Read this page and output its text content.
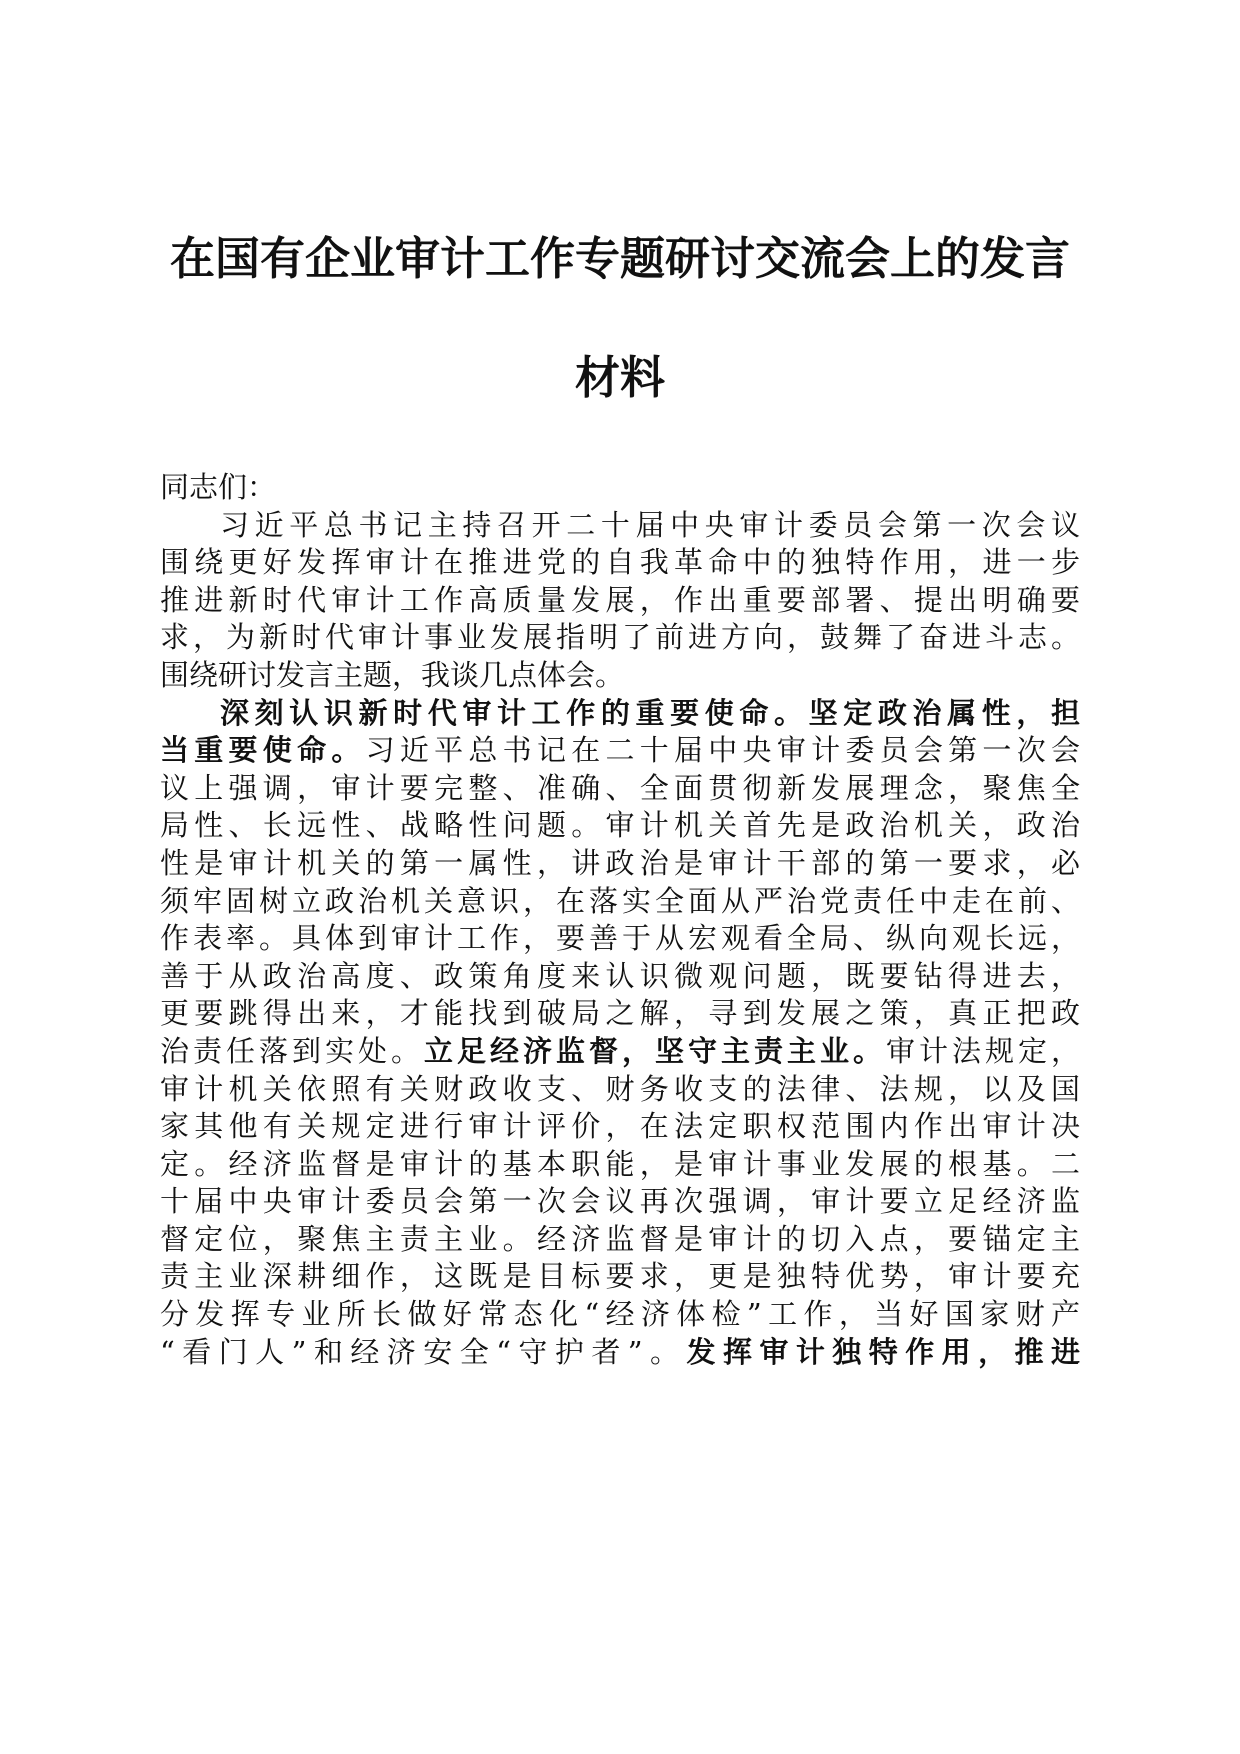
在国有企业审计工作专题研讨交流会上的发言
材料
同志们：
习近平总书记主持召开二十届中央审计委员会第一次会议
围绕更好发挥审计在推进党的自我革命中的独特作用，进一步
推进新时代审计工作高质量发展，作出重要部署、提出明确要
求，为新时代审计事业发展指明了前进方向，鼓舞了奋进斗志。
围绕研讨发言主题，我谈几点体会。
深刻认识新时代审计工作的重要使命。坚定政治属性，担
当重要使命。习近平总书记在二十届中央审计委员会第一次会
议上强调，审计要完整、准确、全面贯彻新发展理念，聚焦全
局性、长远性、战略性问题。审计机关首先是政治机关，政治
性是审计机关的第一属性，讲政治是审计干部的第一要求，必
须牢固树立政治机关意识，在落实全面从严治党责任中走在前、
作表率。具体到审计工作，要善于从宏观看全局、纵向观长远，
善于从政治高度、政策角度来认识微观问题，既要钻得进去，
更要跳得出来，才能找到破局之解，寻到发展之策，真正把政
治责任落到实处。立足经济监督，坚守主责主业。审计法规定，
审计机关依照有关财政收支、财务收支的法律、法规，以及国
家其他有关规定进行审计评价，在法定职权范围内作出审计决
定。经济监督是审计的基本职能，是审计事业发展的根基。二
十届中央审计委员会第一次会议再次强调，审计要立足经济监
督定位，聚焦主责主业。经济监督是审计的切入点，要锚定主
责主业深耕细作，这既是目标要求，更是独特优势，审计要充
分发挥专业所长做好常态化“经济体检”工作，当好国家财产
“看门人”和经济安全“守护者”。发挥审计独特作用，推进
